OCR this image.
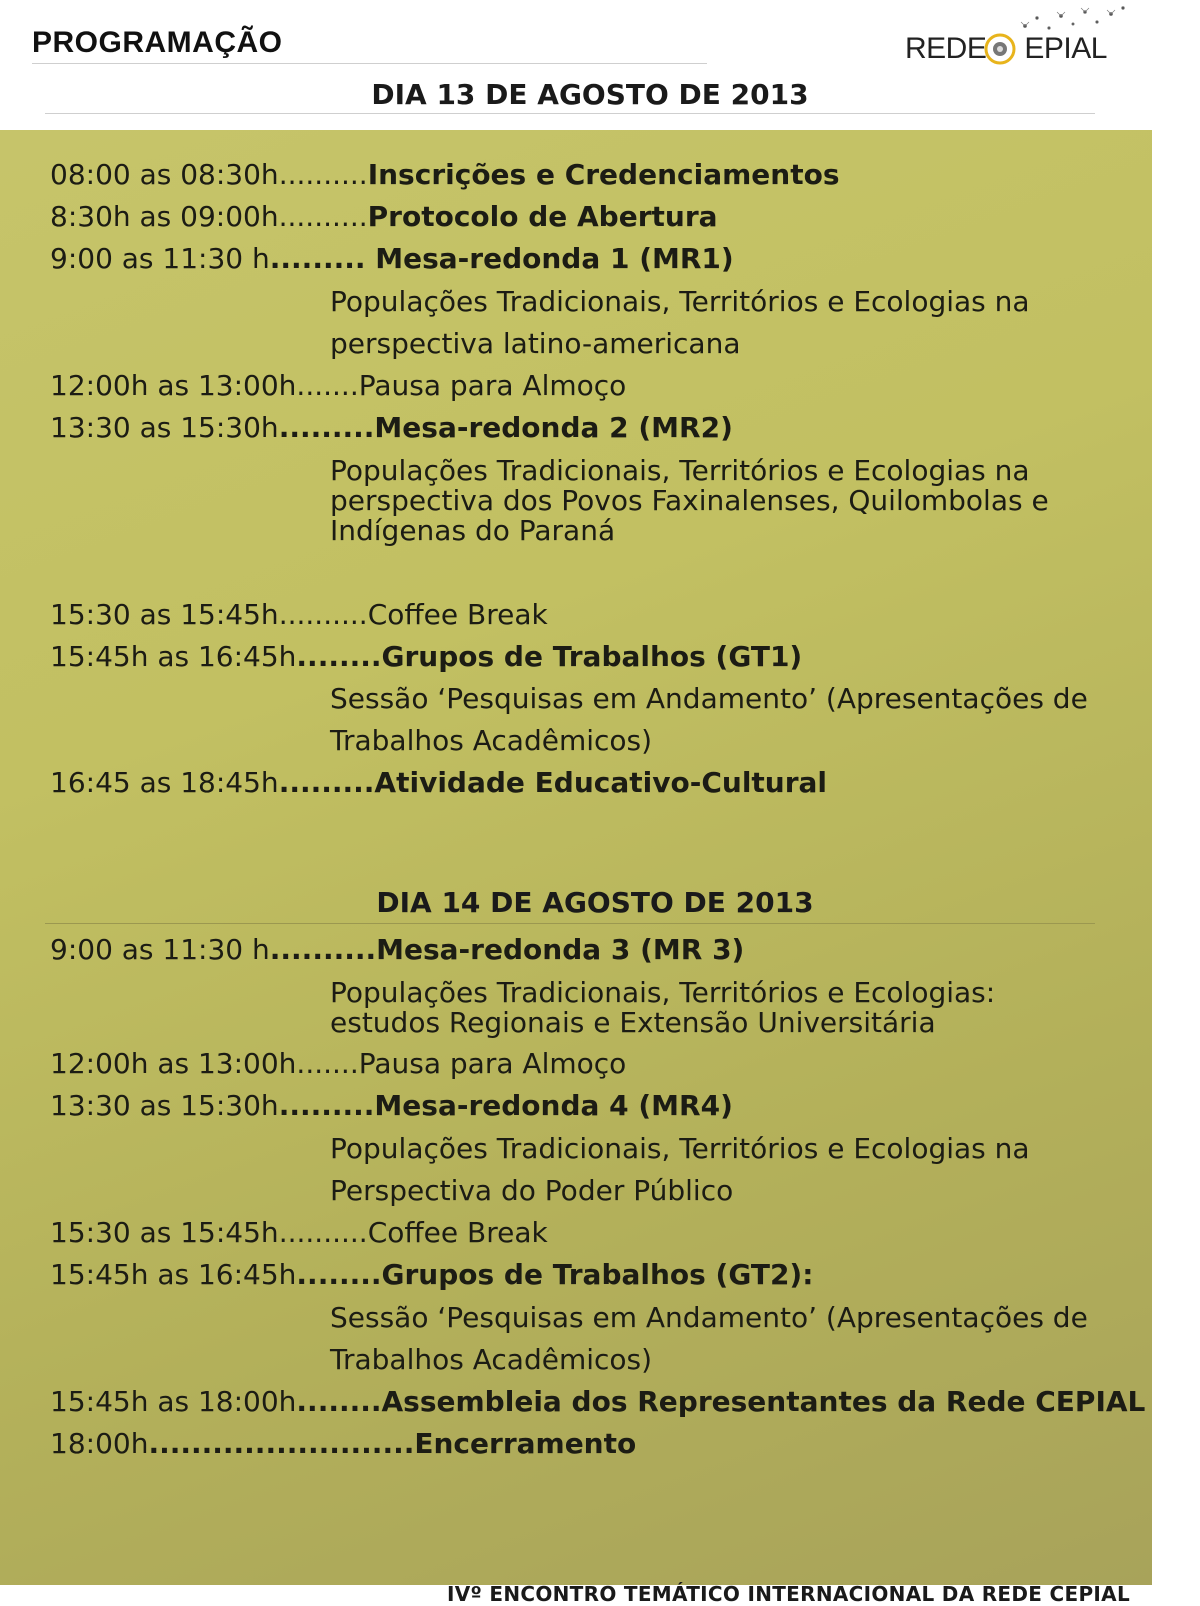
PROGRAMAÇÃO	REDE EPIAL
DIA 13 DE AGOSTO DE 2013
08:00 as 08:30h..........Inscrições e Credenciamentos
8:30h as 09:00h..........Protocolo de Abertura
9:00 as 11:30 h......... Mesa-redonda 1 (MR1)
Populações Tradicionais, Territórios e Ecologias na
perspectiva latino-americana
12:00h as 13:00h.......Pausa para Almoço
13:30 as 15:30h.........Mesa-redonda 2 (MR2)
Populações Tradicionais, Territórios e Ecologias na
perspectiva dos Povos Faxinalenses, Quilombolas e
Indígenas do Paraná
15:30 as 15:45h..........Coffee Break
15:45h as 16:45h........Grupos de Trabalhos (GT1)
Sessão ‘Pesquisas em Andamento’ (Apresentações de
Trabalhos Acadêmicos)
16:45 as 18:45h.........Atividade Educativo-Cultural
DIA 14 DE AGOSTO DE 2013
9:00 as 11:30 h..........Mesa-redonda 3 (MR 3)
Populações Tradicionais, Territórios e Ecologias:
estudos Regionais e Extensão Universitária
12:00h as 13:00h.......Pausa para Almoço
13:30 as 15:30h.........Mesa-redonda 4 (MR4)
Populações Tradicionais, Territórios e Ecologias na
Perspectiva do Poder Público
15:30 as 15:45h..........Coffee Break
15:45h as 16:45h........Grupos de Trabalhos (GT2):
Sessão ‘Pesquisas em Andamento’ (Apresentações de
Trabalhos Acadêmicos)
15:45h as 18:00h........Assembleia dos Representantes da Rede CEPIAL
18:00h.........................Encerramento
IVº ENCONTRO TEMÁTICO INTERNACIONAL DA REDE CEPIAL
